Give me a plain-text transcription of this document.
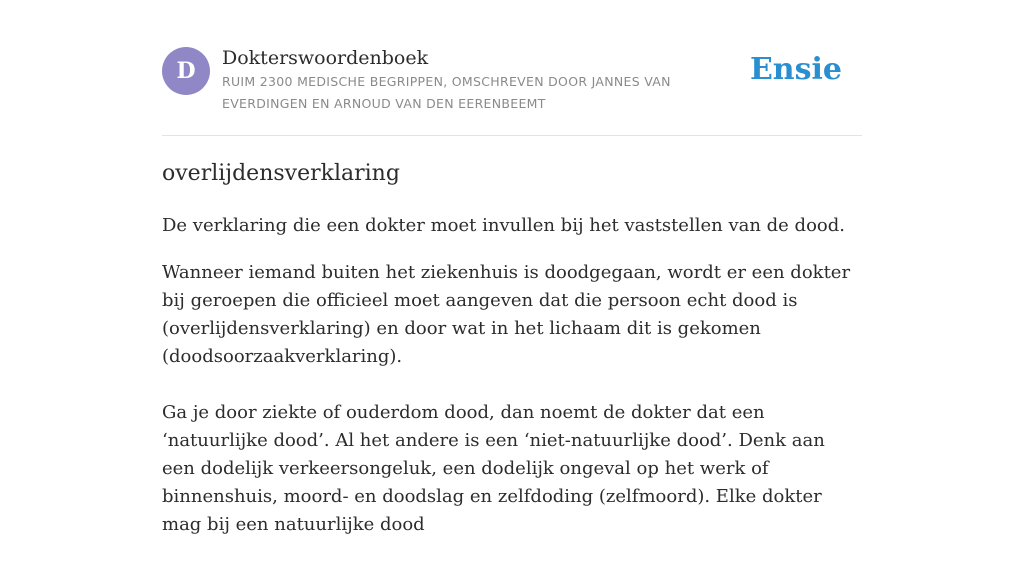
D	Dokterswoordenboek
RUIM 2300 MEDISCHE BEGRIPPEN, OMSCHREVEN DOOR JANNES VAN EVERDINGEN EN ARNOUD VAN DEN EERENBEEMT
Ensie
overlijdensverklaring

De verklaring die een dokter moet invullen bij het vaststellen van de dood.

Wanneer iemand buiten het ziekenhuis is doodgegaan, wordt er een dokter bij geroepen die officieel moet aangeven dat die persoon echt dood is (overlijdensverklaring) en door wat in het lichaam dit is gekomen (doodsoorzaakverklaring).

Ga je door ziekte of ouderdom dood, dan noemt de dokter dat een ‘natuurlijke dood’. Al het andere is een ‘niet-natuurlijke dood’. Denk aan een dodelijk verkeersongeluk, een dodelijk ongeval op het werk of binnenshuis, moord- en doodslag en zelfdoding (zelfmoord). Elke dokter mag bij een natuurlijke dood
